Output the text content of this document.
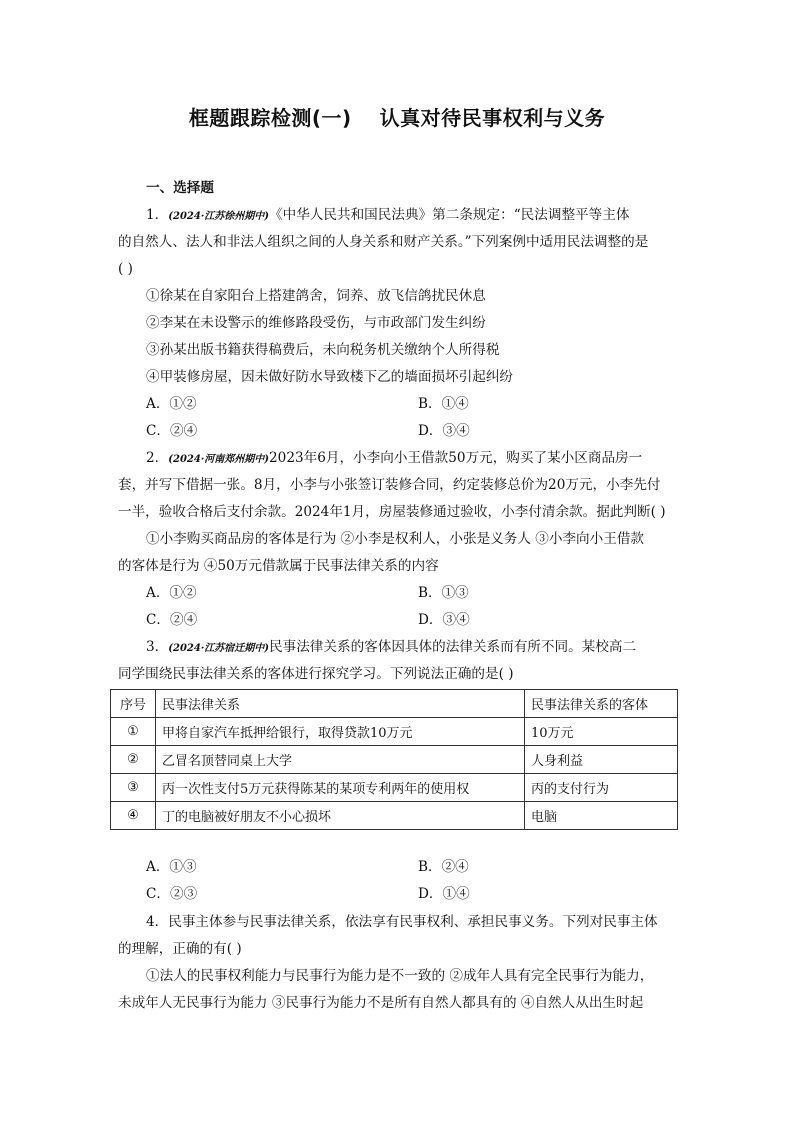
框题跟踪检测(一) 认真对待民事权利与义务
一、选择题
1．(2024·江苏徐州期中)《中华人民共和国民法典》第二条规定：“民法调整平等主体
的自然人、法人和非法人组织之间的人身关系和财产关系。”下列案例中适用民法调整的是
( )
①徐某在自家阳台上搭建鸽舍，饲养、放飞信鸽扰民休息
②李某在未设警示的维修路段受伤，与市政部门发生纠纷
③孙某出版书籍获得稿费后，未向税务机关缴纳个人所得税
④甲装修房屋，因未做好防水导致楼下乙的墙面损坏引起纠纷
A．①②	B．①④
C．②④	D．③④
2．(2024·河南郑州期中)2023年6月，小李向小王借款50万元，购买了某小区商品房一
套，并写下借据一张。8月，小李与小张签订装修合同，约定装修总价为20万元，小李先付
一半，验收合格后支付余款。2024年1月，房屋装修通过验收，小李付清余款。据此判断( )
①小李购买商品房的客体是行为 ②小李是权利人，小张是义务人 ③小李向小王借款
的客体是行为 ④50万元借款属于民事法律关系的内容
A．①②	B．①③
C．②④	D．③④
3．(2024·江苏宿迁期中)民事法律关系的客体因具体的法律关系而有所不同。某校高二
同学围绕民事法律关系的客体进行探究学习。下列说法正确的是( )
序号	民事法律关系	民事法律关系的客体
①	甲将自家汽车抵押给银行，取得贷款10万元	10万元
②	乙冒名顶替同桌上大学	人身利益
③	丙一次性支付5万元获得陈某的某项专利两年的使用权	丙的支付行为
④	丁的电脑被好朋友不小心损坏	电脑
A．①③	B．②④
C．②③	D．①④
4．民事主体参与民事法律关系，依法享有民事权利、承担民事义务。下列对民事主体
的理解，正确的有( )
①法人的民事权利能力与民事行为能力是不一致的 ②成年人具有完全民事行为能力，
未成年人无民事行为能力 ③民事行为能力不是所有自然人都具有的 ④自然人从出生时起
